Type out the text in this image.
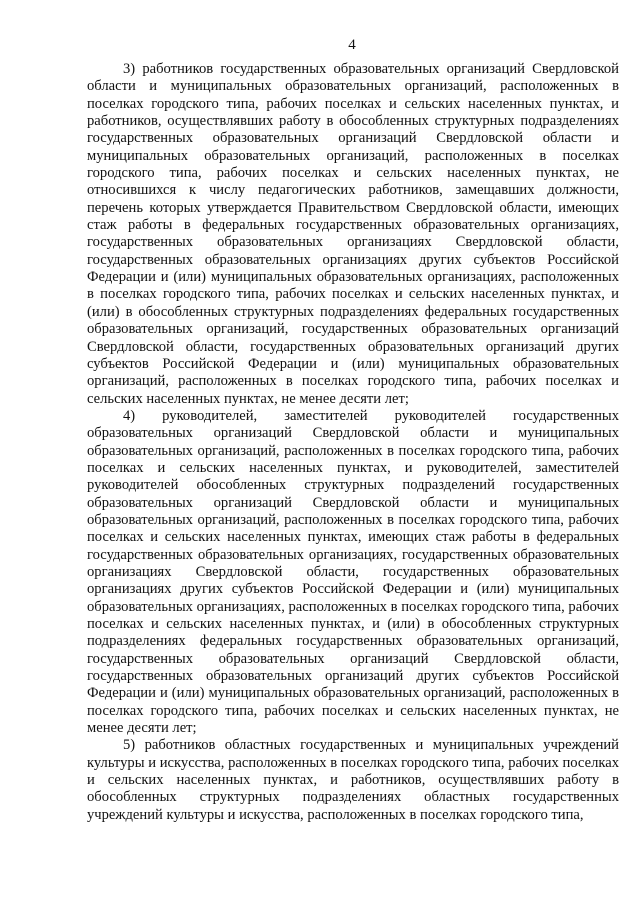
4

3) работников государственных образовательных организаций Свердловской области и муниципальных образовательных организаций, расположенных в поселках городского типа, рабочих поселках и сельских населенных пунктах, и работников, осуществлявших работу в обособленных структурных подразделениях государственных образовательных организаций Свердловской области и муниципальных образовательных организаций, расположенных в поселках городского типа, рабочих поселках и сельских населенных пунктах, не относившихся к числу педагогических работников, замещавших должности, перечень которых утверждается Правительством Свердловской области, имеющих стаж работы в федеральных государственных образовательных организациях, государственных образовательных организациях Свердловской области, государственных образовательных организациях других субъектов Российской Федерации и (или) муниципальных образовательных организациях, расположенных в поселках городского типа, рабочих поселках и сельских населенных пунктах, и (или) в обособленных структурных подразделениях федеральных государственных образовательных организаций, государственных образовательных организаций Свердловской области, государственных образовательных организаций других субъектов Российской Федерации и (или) муниципальных образовательных организаций, расположенных в поселках городского типа, рабочих поселках и сельских населенных пунктах, не менее десяти лет;

4) руководителей, заместителей руководителей государственных образовательных организаций Свердловской области и муниципальных образовательных организаций, расположенных в поселках городского типа, рабочих поселках и сельских населенных пунктах, и руководителей, заместителей руководителей обособленных структурных подразделений государственных образовательных организаций Свердловской области и муниципальных образовательных организаций, расположенных в поселках городского типа, рабочих поселках и сельских населенных пунктах, имеющих стаж работы в федеральных государственных образовательных организациях, государственных образовательных организациях Свердловской области, государственных образовательных организациях других субъектов Российской Федерации и (или) муниципальных образовательных организациях, расположенных в поселках городского типа, рабочих поселках и сельских населенных пунктах, и (или) в обособленных структурных подразделениях федеральных государственных образовательных организаций, государственных образовательных организаций Свердловской области, государственных образовательных организаций других субъектов Российской Федерации и (или) муниципальных образовательных организаций, расположенных в поселках городского типа, рабочих поселках и сельских населенных пунктах, не менее десяти лет;

5) работников областных государственных и муниципальных учреждений культуры и искусства, расположенных в поселках городского типа, рабочих поселках и сельских населенных пунктах, и работников, осуществлявших работу в обособленных структурных подразделениях областных государственных учреждений культуры и искусства, расположенных в поселках городского типа,
